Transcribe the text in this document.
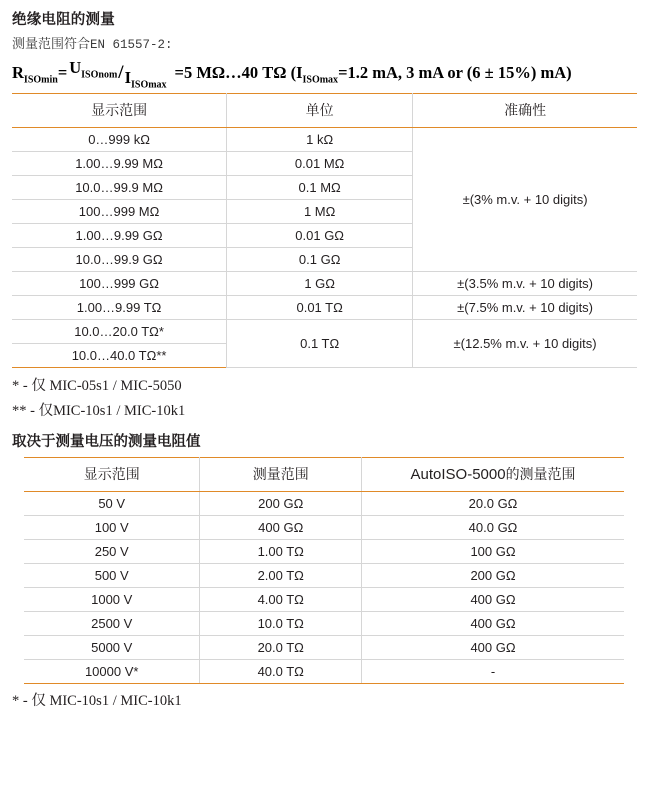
绝缘电阻的测量
测量范围符合EN 61557-2:
$R_{ISOmin} = U_{ISOnom} / I_{ISOmax}$
=5 MΩ…40 TΩ ($I_{ISOmax}=1.2$ mA, 3 mA or (6 ± 15%) mA)
显示范围	单位	准确性
0…999 kΩ	1 kΩ	±(3% m.v. + 10 digits)
1.00…9.99 MΩ	0.01 MΩ	
10.0…99.9 MΩ	0.1 MΩ	
100…999 MΩ	1 MΩ	
1.00…9.99 GΩ	0.01 GΩ	
10.0…99.9 GΩ	0.1 GΩ	
100…999 GΩ	1 GΩ	±(3.5% m.v. + 10 digits)
1.00…9.99 TΩ	0.01 TΩ	±(7.5% m.v. + 10 digits)
10.0…20.0 TΩ*	0.1 TΩ	±(12.5% m.v. + 10 digits)
10.0…40.0 TΩ**		
* - 仅 MIC-05s1 / MIC-5050
** - 仅MIC-10s1 / MIC-10k1
取决于测量电压的测量电阻值
显示范围	测量范围	AutoISO-5000的测量范围
50 V	200 GΩ	20.0 GΩ
100 V	400 GΩ	40.0 GΩ
250 V	1.00 TΩ	100 GΩ
500 V	2.00 TΩ	200 GΩ
1000 V	4.00 TΩ	400 GΩ
2500 V	10.0 TΩ	400 GΩ
5000 V	20.0 TΩ	400 GΩ
10000 V*	40.0 TΩ	-
* - 仅 MIC-10s1 / MIC-10k1
